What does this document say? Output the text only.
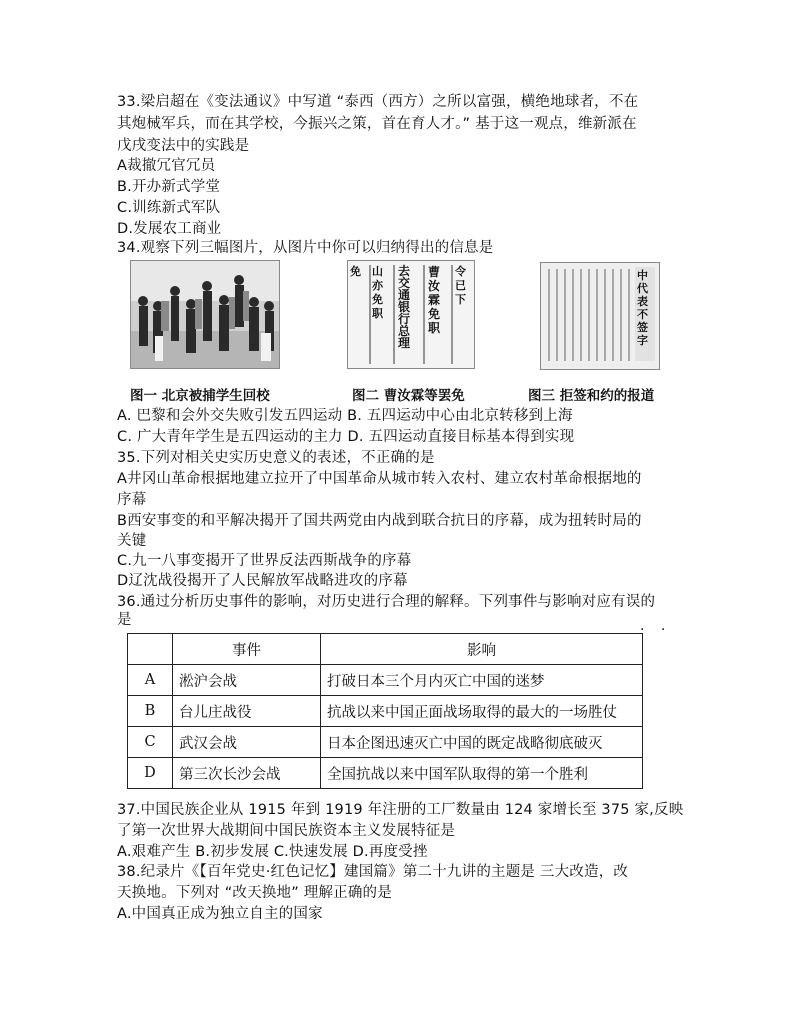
33.梁启超在《变法通议》中写道 “泰西（西方）之所以富强，横绝地球者，不在
其炮械军兵，而在其学校，今振兴之策，首在育人才。” 基于这一观点，维新派在
戊戌变法中的实践是
A裁撤冗官冗员
B.开办新式学堂
C.训练新式军队
D.发展农工商业
34.观察下列三幅图片，从图片中你可以归纳得出的信息是
图一 北京被捕学生回校
免	山 亦 免 职
去 交 通 银 行 总 理
曹 汝 霖 免 职
令 已 下
图二 曹汝霖等罢免
中 代 表 不 签 字
图三 拒签和约的报道
A. 巴黎和会外交失败引发五四运动 B. 五四运动中心由北京转移到上海
C. 广大青年学生是五四运动的主力 D. 五四运动直接目标基本得到实现
35.下列对相关史实历史意义的表述，不正确的是
A井冈山革命根据地建立拉开了中国革命从城市转入农村、建立农村革命根据地的
序幕
B西安事变的和平解决揭开了国共两党由内战到联合抗日的序幕，成为扭转时局的
关键
C.九一八事变揭开了世界反法西斯战争的序幕
D辽沈战役揭开了人民解放军战略进攻的序幕
36.通过分析历史事件的影响，对历史进行合理的解释。下列事件与影响对应有误的
是
· ·
	事件	影响
A	淞沪会战	打破日本三个月内灭亡中国的迷梦
B	台儿庄战役	抗战以来中国正面战场取得的最大的一场胜仗
C	武汉会战	日本企图迅速灭亡中国的既定战略彻底破灭
D	第三次长沙会战	全国抗战以来中国军队取得的第一个胜利
37.中国民族企业从 1915 年到 1919 年注册的工厂数量由 124 家增长至 375 家,反映
了第一次世界大战期间中国民族资本主义发展特征是
A.艰难产生 B.初步发展 C.快速发展 D.再度受挫
38.纪录片《【百年党史·红色记忆】建国篇》第二十九讲的主题是 三大改造，改
天换地。下列对 “改天换地” 理解正确的是
A.中国真正成为独立自主的国家
